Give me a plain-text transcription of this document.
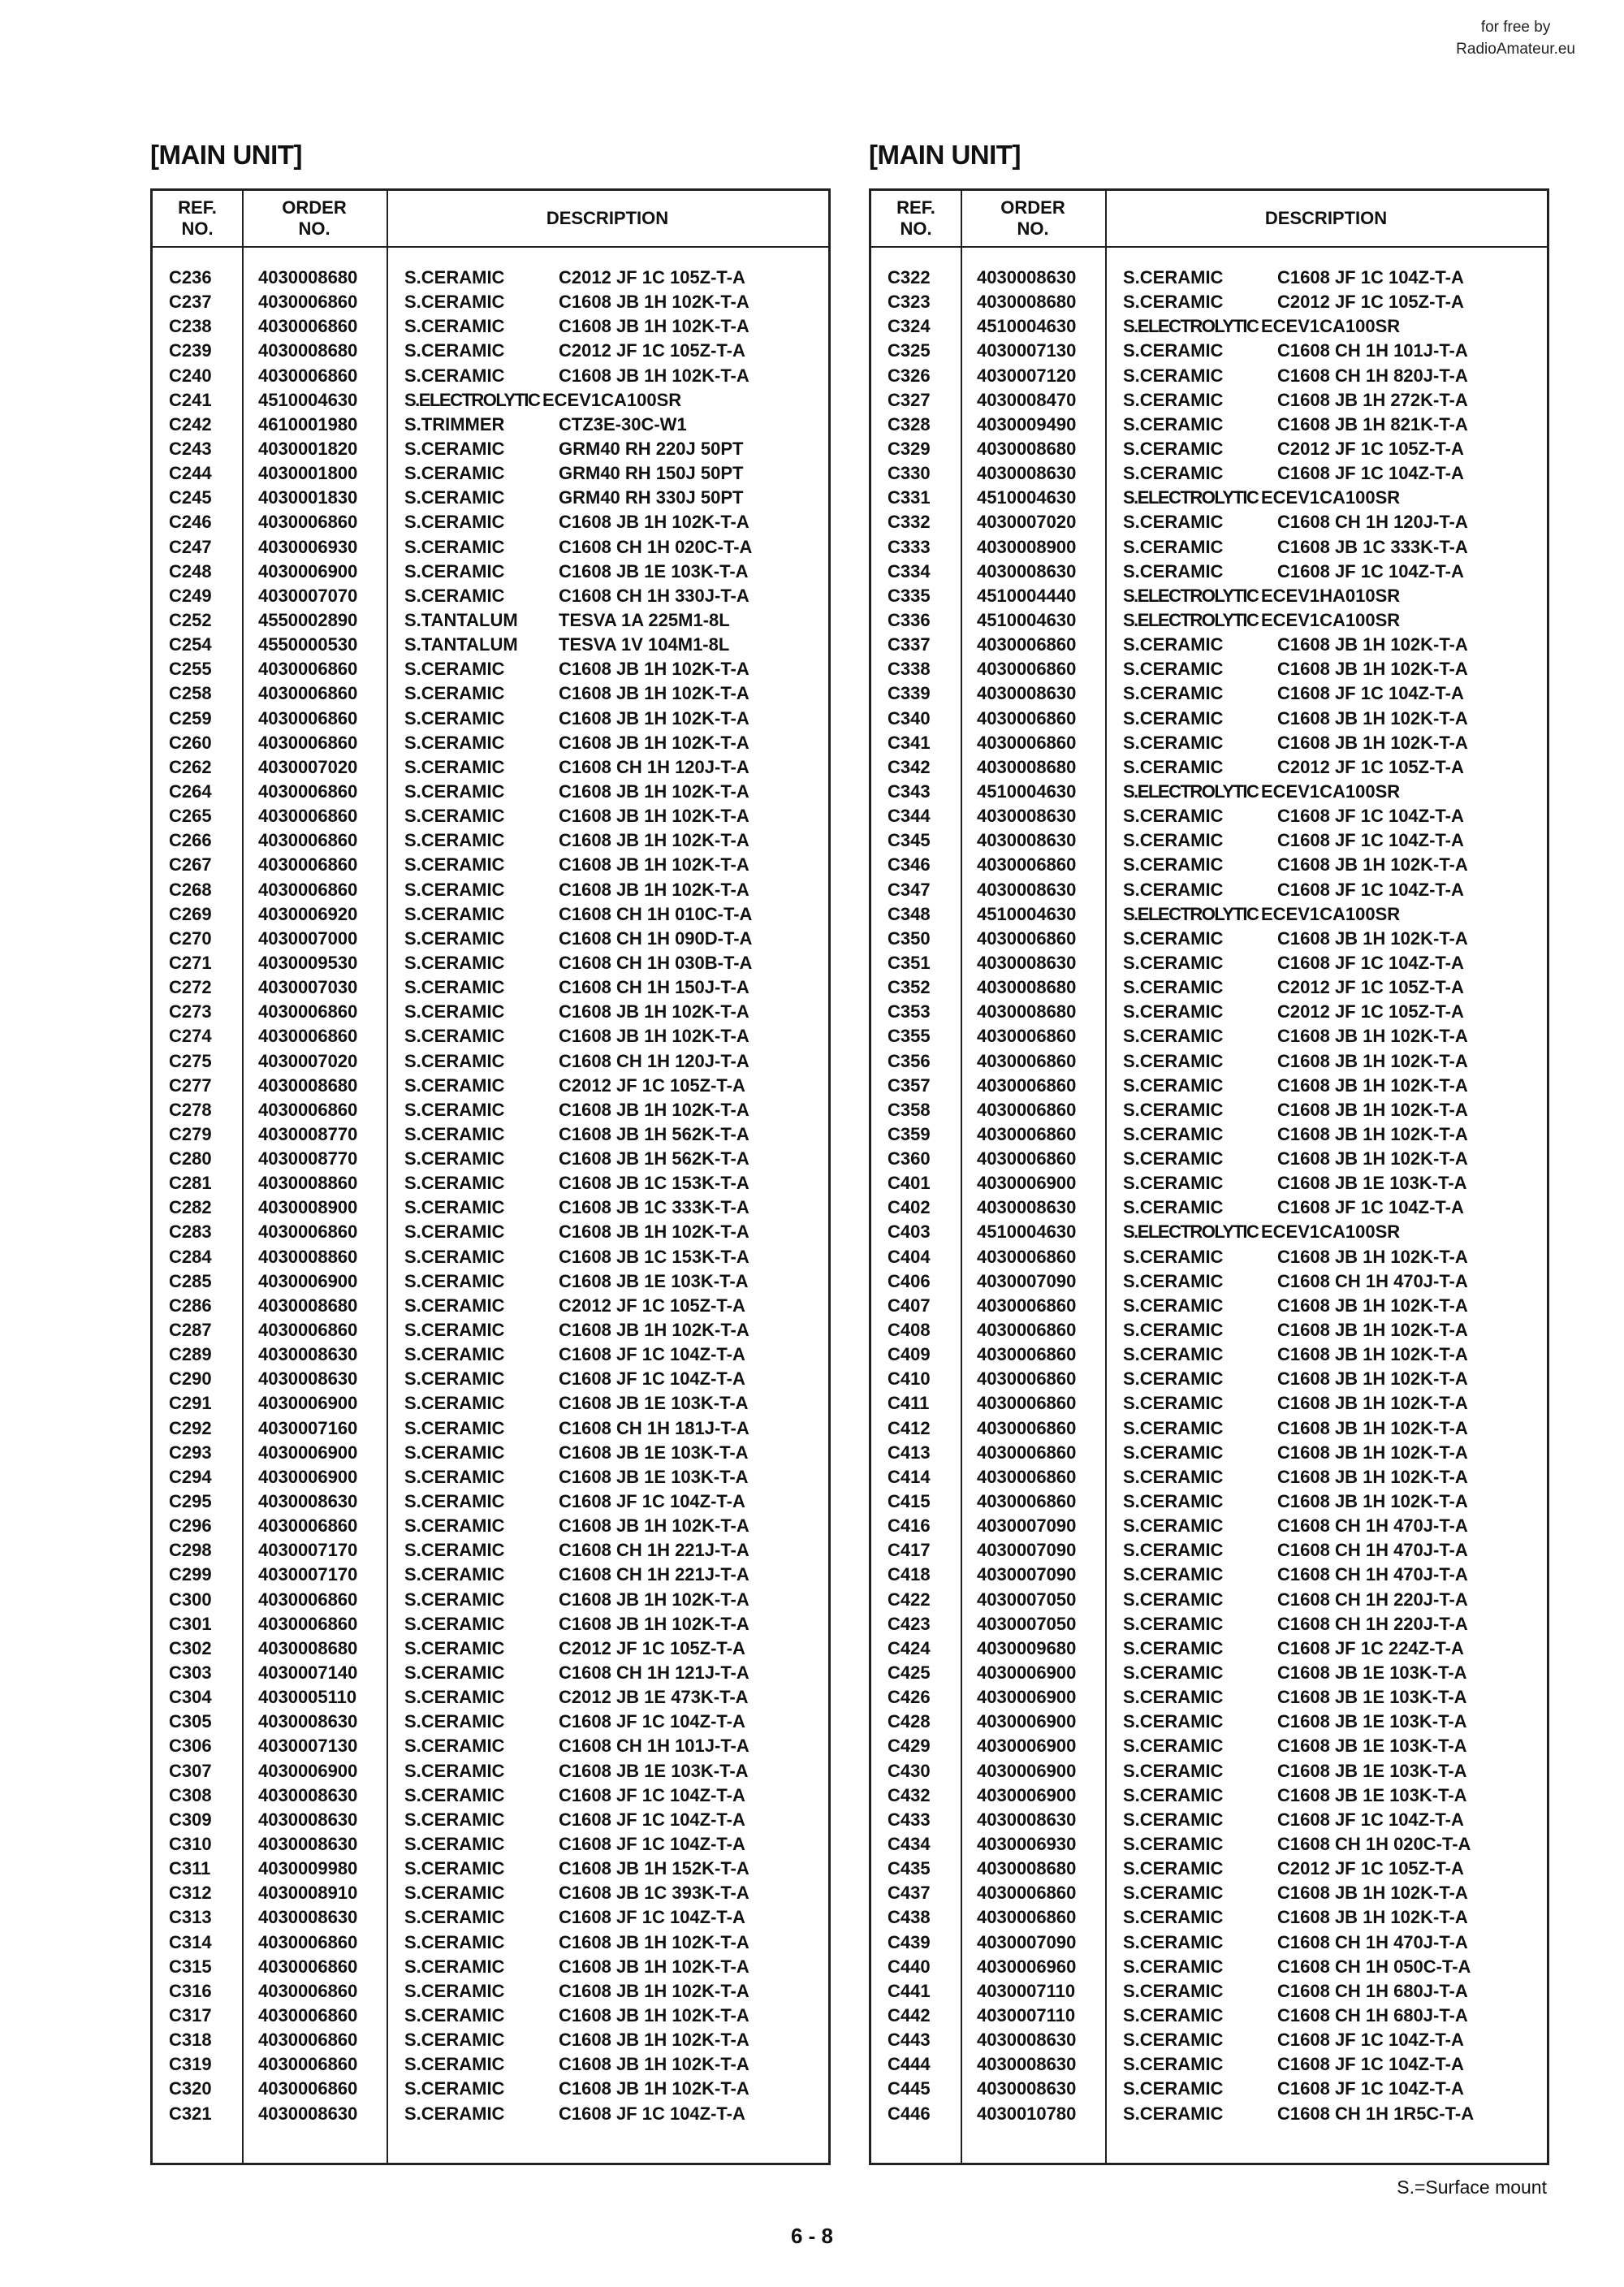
for free by
RadioAmateur.eu
[MAIN UNIT]	[MAIN UNIT]
REF.
NO.
ORDER
NO.
DESCRIPTION
C236	4030008680	S.CERAMIC	C2012 JF 1C 105Z-T-A
C237	4030006860	S.CERAMIC	C1608 JB 1H 102K-T-A
C238	4030006860	S.CERAMIC	C1608 JB 1H 102K-T-A
C239	4030008680	S.CERAMIC	C2012 JF 1C 105Z-T-A
C240	4030006860	S.CERAMIC	C1608 JB 1H 102K-T-A
C241	4510004630	S.ELECTROLYTIC ECEV1CA100SR
C242	4610001980	S.TRIMMER	CTZ3E-30C-W1
C243	4030001820	S.CERAMIC	GRM40 RH 220J 50PT
C244	4030001800	S.CERAMIC	GRM40 RH 150J 50PT
C245	4030001830	S.CERAMIC	GRM40 RH 330J 50PT
C246	4030006860	S.CERAMIC	C1608 JB 1H 102K-T-A
C247	4030006930	S.CERAMIC	C1608 CH 1H 020C-T-A
C248	4030006900	S.CERAMIC	C1608 JB 1E 103K-T-A
C249	4030007070	S.CERAMIC	C1608 CH 1H 330J-T-A
C252	4550002890	S.TANTALUM TESVA 1A 225M1-8L
C254	4550000530	S.TANTALUM TESVA 1V 104M1-8L
C255	4030006860	S.CERAMIC	C1608 JB 1H 102K-T-A
C258	4030006860	S.CERAMIC	C1608 JB 1H 102K-T-A
C259	4030006860	S.CERAMIC	C1608 JB 1H 102K-T-A
C260	4030006860	S.CERAMIC	C1608 JB 1H 102K-T-A
C262	4030007020	S.CERAMIC	C1608 CH 1H 120J-T-A
C264	4030006860	S.CERAMIC	C1608 JB 1H 102K-T-A
C265	4030006860	S.CERAMIC	C1608 JB 1H 102K-T-A
C266	4030006860	S.CERAMIC	C1608 JB 1H 102K-T-A
C267	4030006860	S.CERAMIC	C1608 JB 1H 102K-T-A
C268	4030006860	S.CERAMIC	C1608 JB 1H 102K-T-A
C269	4030006920	S.CERAMIC	C1608 CH 1H 010C-T-A
C270	4030007000	S.CERAMIC	C1608 CH 1H 090D-T-A
C271	4030009530	S.CERAMIC	C1608 CH 1H 030B-T-A
C272	4030007030	S.CERAMIC	C1608 CH 1H 150J-T-A
C273	4030006860	S.CERAMIC	C1608 JB 1H 102K-T-A
C274	4030006860	S.CERAMIC	C1608 JB 1H 102K-T-A
C275	4030007020	S.CERAMIC	C1608 CH 1H 120J-T-A
C277	4030008680	S.CERAMIC	C2012 JF 1C 105Z-T-A
C278	4030006860	S.CERAMIC	C1608 JB 1H 102K-T-A
C279	4030008770	S.CERAMIC	C1608 JB 1H 562K-T-A
C280	4030008770	S.CERAMIC	C1608 JB 1H 562K-T-A
C281	4030008860	S.CERAMIC	C1608 JB 1C 153K-T-A
C282	4030008900	S.CERAMIC	C1608 JB 1C 333K-T-A
C283	4030006860	S.CERAMIC	C1608 JB 1H 102K-T-A
C284	4030008860	S.CERAMIC	C1608 JB 1C 153K-T-A
C285	4030006900	S.CERAMIC	C1608 JB 1E 103K-T-A
C286	4030008680	S.CERAMIC	C2012 JF 1C 105Z-T-A
C287	4030006860	S.CERAMIC	C1608 JB 1H 102K-T-A
C289	4030008630	S.CERAMIC	C1608 JF 1C 104Z-T-A
C290	4030008630	S.CERAMIC	C1608 JF 1C 104Z-T-A
C291	4030006900	S.CERAMIC	C1608 JB 1E 103K-T-A
C292	4030007160	S.CERAMIC	C1608 CH 1H 181J-T-A
C293	4030006900	S.CERAMIC	C1608 JB 1E 103K-T-A
C294	4030006900	S.CERAMIC	C1608 JB 1E 103K-T-A
C295	4030008630	S.CERAMIC	C1608 JF 1C 104Z-T-A
C296	4030006860	S.CERAMIC	C1608 JB 1H 102K-T-A
C298	4030007170	S.CERAMIC	C1608 CH 1H 221J-T-A
C299	4030007170	S.CERAMIC	C1608 CH 1H 221J-T-A
C300	4030006860	S.CERAMIC	C1608 JB 1H 102K-T-A
C301	4030006860	S.CERAMIC	C1608 JB 1H 102K-T-A
C302	4030008680	S.CERAMIC	C2012 JF 1C 105Z-T-A
C303	4030007140	S.CERAMIC	C1608 CH 1H 121J-T-A
C304	4030005110	S.CERAMIC	C2012 JB 1E 473K-T-A
C305	4030008630	S.CERAMIC	C1608 JF 1C 104Z-T-A
C306	4030007130	S.CERAMIC	C1608 CH 1H 101J-T-A
C307	4030006900	S.CERAMIC	C1608 JB 1E 103K-T-A
C308	4030008630	S.CERAMIC	C1608 JF 1C 104Z-T-A
C309	4030008630	S.CERAMIC	C1608 JF 1C 104Z-T-A
C310	4030008630	S.CERAMIC	C1608 JF 1C 104Z-T-A
C311	4030009980	S.CERAMIC	C1608 JB 1H 152K-T-A
C312	4030008910	S.CERAMIC	C1608 JB 1C 393K-T-A
C313	4030008630	S.CERAMIC	C1608 JF 1C 104Z-T-A
C314	4030006860	S.CERAMIC	C1608 JB 1H 102K-T-A
C315	4030006860	S.CERAMIC	C1608 JB 1H 102K-T-A
C316	4030006860	S.CERAMIC	C1608 JB 1H 102K-T-A
C317	4030006860	S.CERAMIC	C1608 JB 1H 102K-T-A
C318	4030006860	S.CERAMIC	C1608 JB 1H 102K-T-A
C319	4030006860	S.CERAMIC	C1608 JB 1H 102K-T-A
C320	4030006860	S.CERAMIC	C1608 JB 1H 102K-T-A
C321	4030008630	S.CERAMIC	C1608 JF 1C 104Z-T-A
REF.
NO.
ORDER
NO.
DESCRIPTION
C322	4030008630	S.CERAMIC	C1608 JF 1C 104Z-T-A
C323	4030008680	S.CERAMIC	C2012 JF 1C 105Z-T-A
C324	4510004630	S.ELECTROLYTIC ECEV1CA100SR
C325	4030007130	S.CERAMIC	C1608 CH 1H 101J-T-A
C326	4030007120	S.CERAMIC	C1608 CH 1H 820J-T-A
C327	4030008470	S.CERAMIC	C1608 JB 1H 272K-T-A
C328	4030009490	S.CERAMIC	C1608 JB 1H 821K-T-A
C329	4030008680	S.CERAMIC	C2012 JF 1C 105Z-T-A
C330	4030008630	S.CERAMIC	C1608 JF 1C 104Z-T-A
C331	4510004630	S.ELECTROLYTIC ECEV1CA100SR
C332	4030007020	S.CERAMIC	C1608 CH 1H 120J-T-A
C333	4030008900	S.CERAMIC	C1608 JB 1C 333K-T-A
C334	4030008630	S.CERAMIC	C1608 JF 1C 104Z-T-A
C335	4510004440	S.ELECTROLYTIC ECEV1HA010SR
C336	4510004630	S.ELECTROLYTIC ECEV1CA100SR
C337	4030006860	S.CERAMIC	C1608 JB 1H 102K-T-A
C338	4030006860	S.CERAMIC	C1608 JB 1H 102K-T-A
C339	4030008630	S.CERAMIC	C1608 JF 1C 104Z-T-A
C340	4030006860	S.CERAMIC	C1608 JB 1H 102K-T-A
C341	4030006860	S.CERAMIC	C1608 JB 1H 102K-T-A
C342	4030008680	S.CERAMIC	C2012 JF 1C 105Z-T-A
C343	4510004630	S.ELECTROLYTIC ECEV1CA100SR
C344	4030008630	S.CERAMIC	C1608 JF 1C 104Z-T-A
C345	4030008630	S.CERAMIC	C1608 JF 1C 104Z-T-A
C346	4030006860	S.CERAMIC	C1608 JB 1H 102K-T-A
C347	4030008630	S.CERAMIC	C1608 JF 1C 104Z-T-A
C348	4510004630	S.ELECTROLYTIC ECEV1CA100SR
C350	4030006860	S.CERAMIC	C1608 JB 1H 102K-T-A
C351	4030008630	S.CERAMIC	C1608 JF 1C 104Z-T-A
C352	4030008680	S.CERAMIC	C2012 JF 1C 105Z-T-A
C353	4030008680	S.CERAMIC	C2012 JF 1C 105Z-T-A
C355	4030006860	S.CERAMIC	C1608 JB 1H 102K-T-A
C356	4030006860	S.CERAMIC	C1608 JB 1H 102K-T-A
C357	4030006860	S.CERAMIC	C1608 JB 1H 102K-T-A
C358	4030006860	S.CERAMIC	C1608 JB 1H 102K-T-A
C359	4030006860	S.CERAMIC	C1608 JB 1H 102K-T-A
C360	4030006860	S.CERAMIC	C1608 JB 1H 102K-T-A
C401	4030006900	S.CERAMIC	C1608 JB 1E 103K-T-A
C402	4030008630	S.CERAMIC	C1608 JF 1C 104Z-T-A
C403	4510004630	S.ELECTROLYTIC ECEV1CA100SR
C404	4030006860	S.CERAMIC	C1608 JB 1H 102K-T-A
C406	4030007090	S.CERAMIC	C1608 CH 1H 470J-T-A
C407	4030006860	S.CERAMIC	C1608 JB 1H 102K-T-A
C408	4030006860	S.CERAMIC	C1608 JB 1H 102K-T-A
C409	4030006860	S.CERAMIC	C1608 JB 1H 102K-T-A
C410	4030006860	S.CERAMIC	C1608 JB 1H 102K-T-A
C411	4030006860	S.CERAMIC	C1608 JB 1H 102K-T-A
C412	4030006860	S.CERAMIC	C1608 JB 1H 102K-T-A
C413	4030006860	S.CERAMIC	C1608 JB 1H 102K-T-A
C414	4030006860	S.CERAMIC	C1608 JB 1H 102K-T-A
C415	4030006860	S.CERAMIC	C1608 JB 1H 102K-T-A
C416	4030007090	S.CERAMIC	C1608 CH 1H 470J-T-A
C417	4030007090	S.CERAMIC	C1608 CH 1H 470J-T-A
C418	4030007090	S.CERAMIC	C1608 CH 1H 470J-T-A
C422	4030007050	S.CERAMIC	C1608 CH 1H 220J-T-A
C423	4030007050	S.CERAMIC	C1608 CH 1H 220J-T-A
C424	4030009680	S.CERAMIC	C1608 JF 1C 224Z-T-A
C425	4030006900	S.CERAMIC	C1608 JB 1E 103K-T-A
C426	4030006900	S.CERAMIC	C1608 JB 1E 103K-T-A
C428	4030006900	S.CERAMIC	C1608 JB 1E 103K-T-A
C429	4030006900	S.CERAMIC	C1608 JB 1E 103K-T-A
C430	4030006900	S.CERAMIC	C1608 JB 1E 103K-T-A
C432	4030006900	S.CERAMIC	C1608 JB 1E 103K-T-A
C433	4030008630	S.CERAMIC	C1608 JF 1C 104Z-T-A
C434	4030006930	S.CERAMIC	C1608 CH 1H 020C-T-A
C435	4030008680	S.CERAMIC	C2012 JF 1C 105Z-T-A
C437	4030006860	S.CERAMIC	C1608 JB 1H 102K-T-A
C438	4030006860	S.CERAMIC	C1608 JB 1H 102K-T-A
C439	4030007090	S.CERAMIC	C1608 CH 1H 470J-T-A
C440	4030006960	S.CERAMIC	C1608 CH 1H 050C-T-A
C441	4030007110	S.CERAMIC	C1608 CH 1H 680J-T-A
C442	4030007110	S.CERAMIC	C1608 CH 1H 680J-T-A
C443	4030008630	S.CERAMIC	C1608 JF 1C 104Z-T-A
C444	4030008630	S.CERAMIC	C1608 JF 1C 104Z-T-A
C445	4030008630	S.CERAMIC	C1608 JF 1C 104Z-T-A
C446	4030010780	S.CERAMIC	C1608 CH 1H 1R5C-T-A
S.=Surface mount
6 - 8
